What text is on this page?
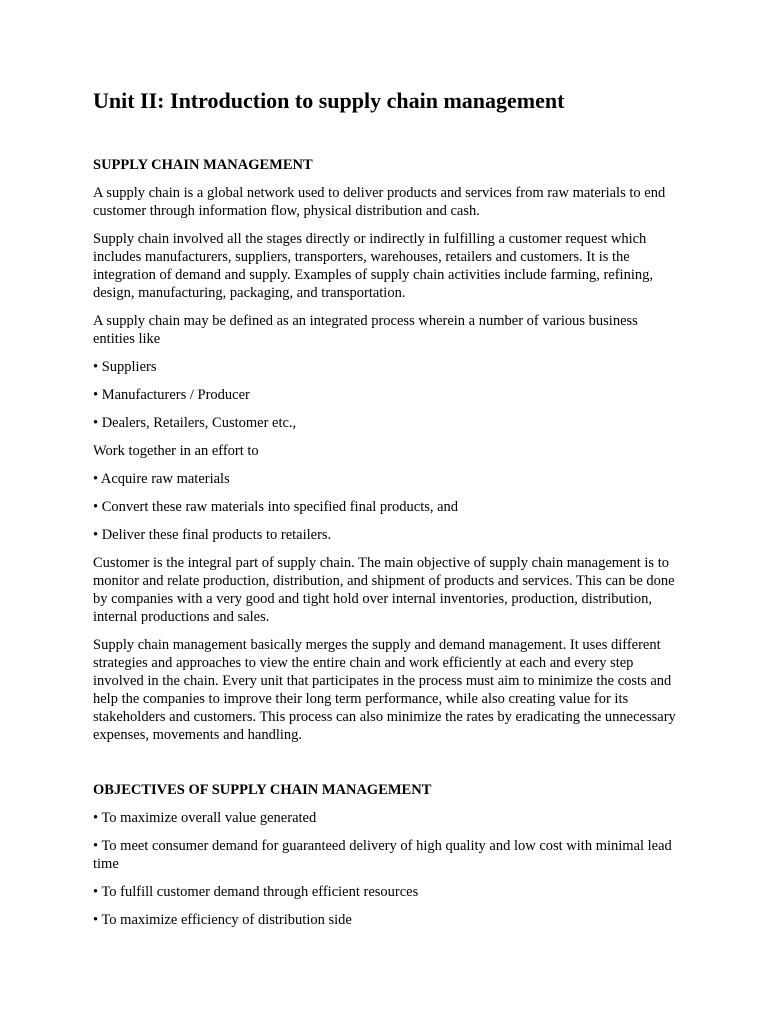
Unit II: Introduction to supply chain management
SUPPLY CHAIN MANAGEMENT

A supply chain is a global network used to deliver products and services from raw materials to end customer through information flow, physical distribution and cash.

Supply chain involved all the stages directly or indirectly in fulfilling a customer request which includes manufacturers, suppliers, transporters, warehouses, retailers and customers. It is the integration of demand and supply. Examples of supply chain activities include farming, refining, design, manufacturing, packaging, and transportation.

A supply chain may be defined as an integrated process wherein a number of various business entities like

• Suppliers

• Manufacturers / Producer

• Dealers, Retailers, Customer etc.,

Work together in an effort to

• Acquire raw materials

• Convert these raw materials into specified final products, and

• Deliver these final products to retailers.

Customer is the integral part of supply chain. The main objective of supply chain management is to monitor and relate production, distribution, and shipment of products and services. This can be done by companies with a very good and tight hold over internal inventories, production, distribution, internal productions and sales.

Supply chain management basically merges the supply and demand management. It uses different strategies and approaches to view the entire chain and work efficiently at each and every step involved in the chain. Every unit that participates in the process must aim to minimize the costs and help the companies to improve their long term performance, while also creating value for its stakeholders and customers. This process can also minimize the rates by eradicating the unnecessary expenses, movements and handling.

OBJECTIVES OF SUPPLY CHAIN MANAGEMENT

• To maximize overall value generated

• To meet consumer demand for guaranteed delivery of high quality and low cost with minimal lead time

• To fulfill customer demand through efficient resources

• To maximize efficiency of distribution side
